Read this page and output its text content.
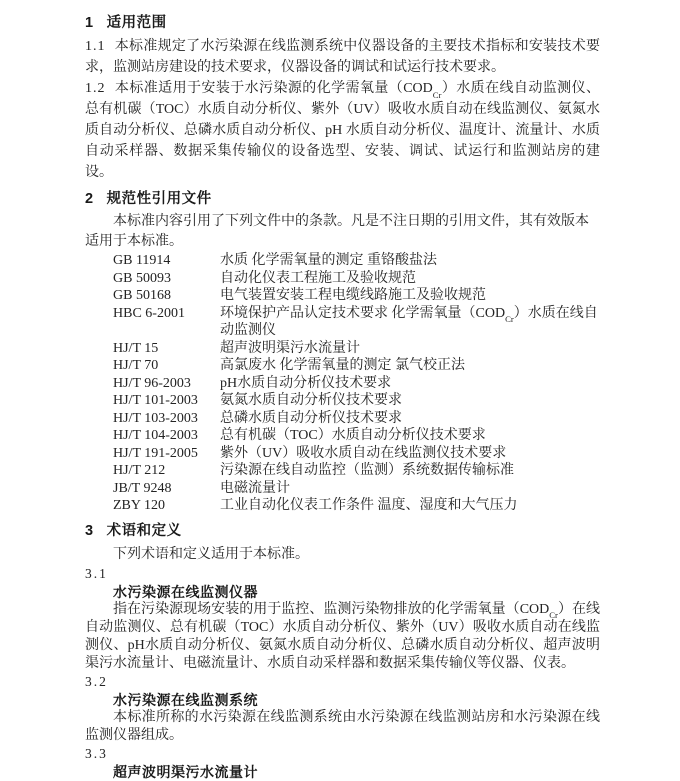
1 适用范围

1.1 本标准规定了水污染源在线监测系统中仪器设备的主要技术指标和安装技术要求，监测站房建设的技术要求，仪器设备的调试和试运行技术要求。

1.2 本标准适用于安装于水污染源的化学需氧量$(COD_{Cr})$水质在线自动监测仪、总有机碳（TOC）水质自动分析仪、紫外（UV）吸收水质自动在线监测仪、氨氮水质自动分析仪、总磷水质自动分析仪、pH 水质自动分析仪、温度计、流量计、水质自动采样器、数据采集传输仪的设备选型、安装、调试、试运行和监测站房的建设。

2 规范性引用文件

本标准内容引用了下列文件中的条款。凡是不注日期的引用文件，其有效版本适用于本标准。

GB 11914	水质 化学需氧量的测定 重铬酸盐法
GB 50093	自动化仪表工程施工及验收规范
GB 50168	电气装置安装工程电缆线路施工及验收规范
HBC 6-2001	环境保护产品认定技术要求 化学需氧量$(COD_{Cr})$水质在线自动监测仪
HJ/T 15	超声波明渠污水流量计
HJ/T 70	高氯废水 化学需氧量的测定 氯气校正法
HJ/T 96-2003	pH水质自动分析仪技术要求
HJ/T 101-2003	氨氮水质自动分析仪技术要求
HJ/T 103-2003	总磷水质自动分析仪技术要求
HJ/T 104-2003	总有机碳（TOC）水质自动分析仪技术要求
HJ/T 191-2005	紫外（UV）吸收水质自动在线监测仪技术要求
HJ/T 212	污染源在线自动监控（监测）系统数据传输标准
JB/T 9248	电磁流量计
ZBY 120	工业自动化仪表工作条件 温度、湿度和大气压力
3 术语和定义

下列术语和定义适用于本标准。

3.1
水污染源在线监测仪器

指在污染源现场安装的用于监控、监测污染物排放的化学需氧量$(COD_{Cr})$在线自动监测仪、总有机碳（TOC）水质自动分析仪、紫外（UV）吸收水质自动在线监测仪、pH水质自动分析仪、氨氮水质自动分析仪、总磷水质自动分析仪、超声波明渠污水流量计、电磁流量计、水质自动采样器和数据采集传输仪等仪器、仪表。

3.2
水污染源在线监测系统

本标准所称的水污染源在线监测系统由水污染源在线监测站房和水污染源在线监测仪器组成。

3.3
超声波明渠污水流量计
